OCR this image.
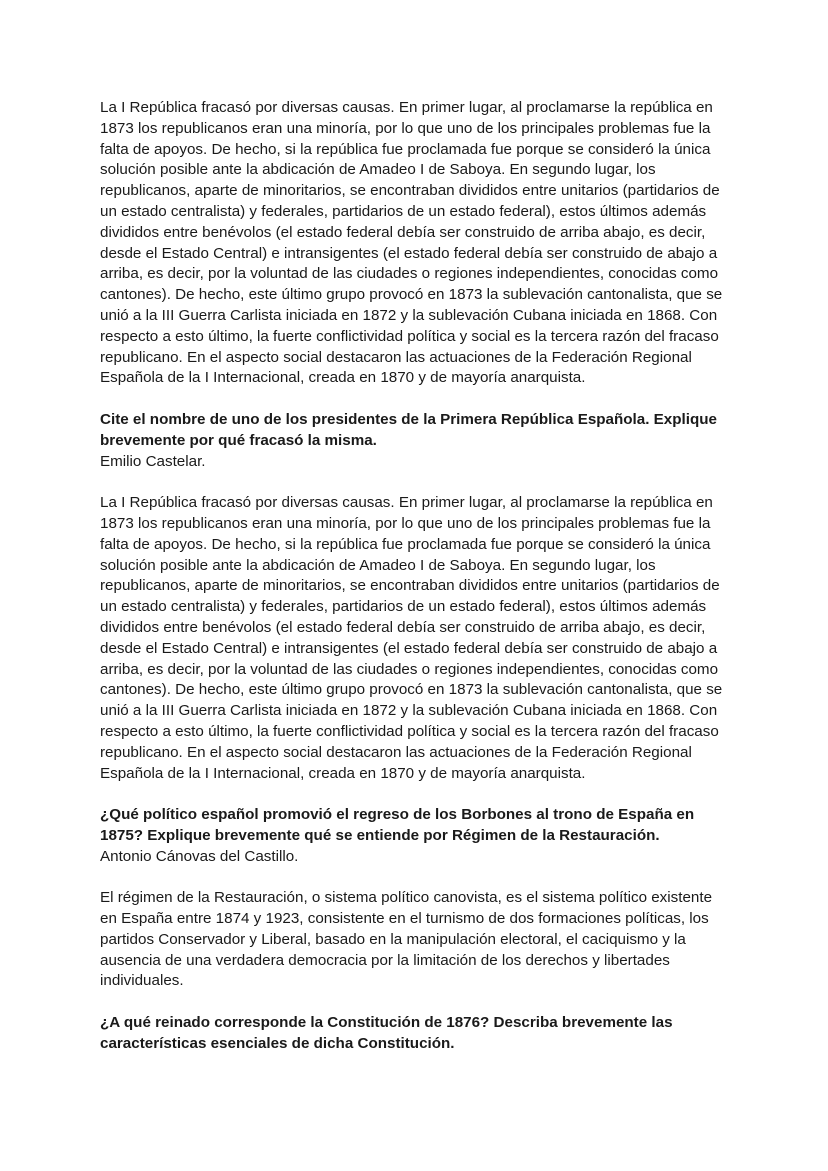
La I República fracasó por diversas causas. En primer lugar, al proclamarse la república en
1873 los republicanos eran una minoría, por lo que uno de los principales problemas fue la
falta de apoyos. De hecho, si la república fue proclamada fue porque se consideró la única
solución posible ante la abdicación de Amadeo I de Saboya. En segundo lugar, los
republicanos, aparte de minoritarios, se encontraban divididos entre unitarios (partidarios de
un estado centralista) y federales, partidarios de un estado federal), estos últimos además
divididos entre benévolos (el estado federal debía ser construido de arriba abajo, es decir,
desde el Estado Central) e intransigentes (el estado federal debía ser construido de abajo a
arriba, es decir, por la voluntad de las ciudades o regiones independientes, conocidas como
cantones). De hecho, este último grupo provocó en 1873 la sublevación cantonalista, que se
unió a la III Guerra Carlista iniciada en 1872 y la sublevación Cubana iniciada en 1868. Con
respecto a esto último, la fuerte conflictividad política y social es la tercera razón del fracaso
republicano. En el aspecto social destacaron las actuaciones de la Federación Regional
Española de la I Internacional, creada en 1870 y de mayoría anarquista.
Cite el nombre de uno de los presidentes de la Primera República Española. Explique
brevemente por qué fracasó la misma.
Emilio Castelar.
La I República fracasó por diversas causas. En primer lugar, al proclamarse la república en
1873 los republicanos eran una minoría, por lo que uno de los principales problemas fue la
falta de apoyos. De hecho, si la república fue proclamada fue porque se consideró la única
solución posible ante la abdicación de Amadeo I de Saboya. En segundo lugar, los
republicanos, aparte de minoritarios, se encontraban divididos entre unitarios (partidarios de
un estado centralista) y federales, partidarios de un estado federal), estos últimos además
divididos entre benévolos (el estado federal debía ser construido de arriba abajo, es decir,
desde el Estado Central) e intransigentes (el estado federal debía ser construido de abajo a
arriba, es decir, por la voluntad de las ciudades o regiones independientes, conocidas como
cantones). De hecho, este último grupo provocó en 1873 la sublevación cantonalista, que se
unió a la III Guerra Carlista iniciada en 1872 y la sublevación Cubana iniciada en 1868. Con
respecto a esto último, la fuerte conflictividad política y social es la tercera razón del fracaso
republicano. En el aspecto social destacaron las actuaciones de la Federación Regional
Española de la I Internacional, creada en 1870 y de mayoría anarquista.
¿Qué político español promovió el regreso de los Borbones al trono de España en
1875? Explique brevemente qué se entiende por Régimen de la Restauración.
Antonio Cánovas del Castillo.
El régimen de la Restauración, o sistema político canovista, es el sistema político existente
en España entre 1874 y 1923, consistente en el turnismo de dos formaciones políticas, los
partidos Conservador y Liberal, basado en la manipulación electoral, el caciquismo y la
ausencia de una verdadera democracia por la limitación de los derechos y libertades
individuales.
¿A qué reinado corresponde la Constitución de 1876? Describa brevemente las
características esenciales de dicha Constitución.
